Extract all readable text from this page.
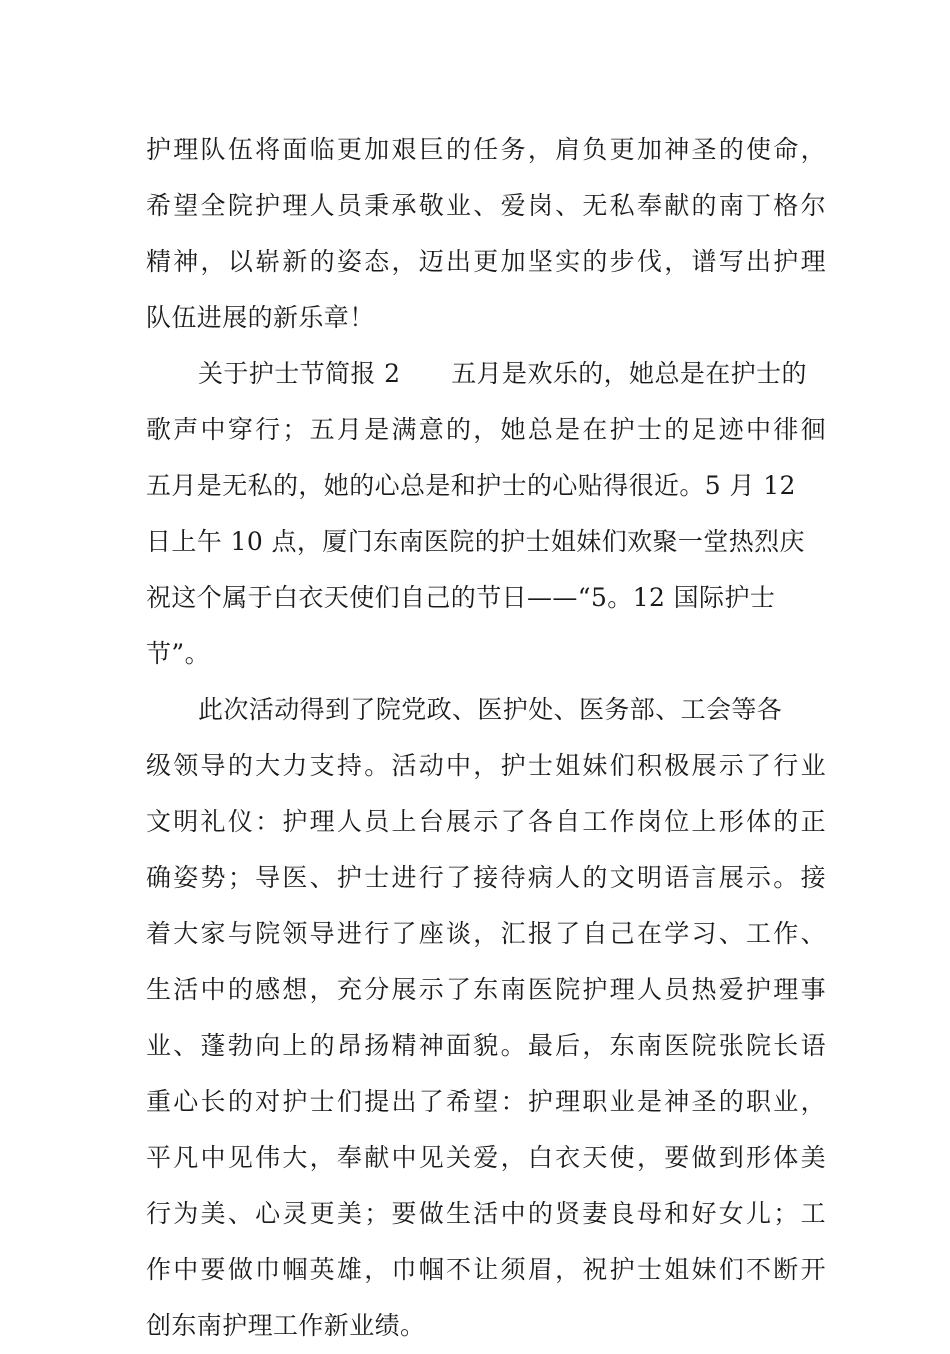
护理队伍将面临更加艰巨的任务，肩负更加神圣的使命，
希望全院护理人员秉承敬业、爱岗、无私奉献的南丁格尔
精神，以崭新的姿态，迈出更加坚实的步伐，谱写出护理
队伍进展的新乐章！
关于护士节简报 2　　五月是欢乐的，她总是在护士的
歌声中穿行；五月是满意的，她总是在护士的足迹中徘徊
五月是无私的，她的心总是和护士的心贴得很近。5 月 12
日上午 10 点，厦门东南医院的护士姐妹们欢聚一堂热烈庆
祝这个属于白衣天使们自己的节日——“5。12 国际护士
节”。
此次活动得到了院党政、医护处、医务部、工会等各
级领导的大力支持。活动中，护士姐妹们积极展示了行业
文明礼仪：护理人员上台展示了各自工作岗位上形体的正
确姿势；导医、护士进行了接待病人的文明语言展示。接
着大家与院领导进行了座谈，汇报了自己在学习、工作、
生活中的感想，充分展示了东南医院护理人员热爱护理事
业、蓬勃向上的昂扬精神面貌。最后，东南医院张院长语
重心长的对护士们提出了希望：护理职业是神圣的职业，
平凡中见伟大，奉献中见关爱，白衣天使，要做到形体美
行为美、心灵更美；要做生活中的贤妻良母和好女儿；工
作中要做巾帼英雄，巾帼不让须眉，祝护士姐妹们不断开
创东南护理工作新业绩。
